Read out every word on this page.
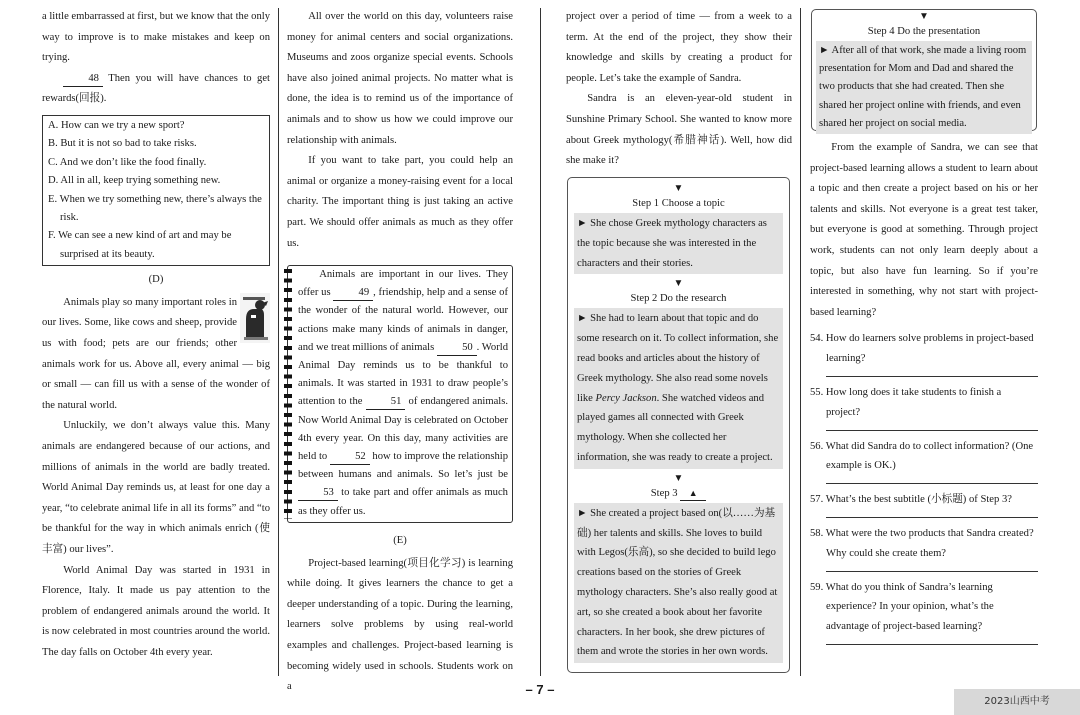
a little embarrassed at first, but we know that the only way to improve is to make mistakes and keep on trying.

48 Then you will have chances to get rewards(回报).

A. How can we try a new sport?
B. But it is not so bad to take risks.
C. And we don’t like the food finally.
D. All in all, keep trying something new.
E. When we try something new, there’s always the risk.
F. We can see a new kind of art and may be surprised at its beauty.
(D)

Animals play so many important roles in our lives. Some, like cows and sheep, provide us with food; pets are our friends; other animals work for us. Above all, every animal — big or small — can fill us with a sense of the wonder of the natural world.

Unluckily, we don’t always value this. Many animals are endangered because of our actions, and millions of animals in the world are badly treated. World Animal Day reminds us, at least for one day a year, “to celebrate animal life in all its forms” and “to be thankful for the way in which animals enrich (使丰富) our lives”.

World Animal Day was started in 1931 in Florence, Italy. It made us pay attention to the problem of endangered animals around the world. It is now celebrated in most countries around the world. The day falls on October 4th every year.

All over the world on this day, volunteers raise money for animal centers and social organizations. Museums and zoos organize special events. Schools have also joined animal projects. No matter what is done, the idea is to remind us of the importance of animals and to show us how we could improve our relationship with animals.

If you want to take part, you could help an animal or organize a money-raising event for a local charity. The important thing is just taking an active part. We should offer animals as much as they offer us.

Animals are important in our lives. They offer us	49 , friendship, help and a sense of the wonder of the natural world. However, our actions make many kinds of animals in danger, and we treat millions of animals	50 . World Animal Day reminds us to be thankful to animals. It was started in 1931 to draw people’s attention to the	51 of endangered animals. Now World Animal Day is celebrated on October 4th every year. On this day, many activities are held to	52 how to improve the relationship between humans and animals. So let’s just be 53 to take part and offer animals as much as they offer us.

(E)

Project-based learning(项目化学习) is learning while doing. It gives learners the chance to get a deeper understanding of a topic. During the learning, learners solve problems by using real-world examples and challenges. Project-based learning is becoming widely used in schools. Students work on a

project over a period of time — from a week to a term. At the end of the project, they show their knowledge and skills by creating a product for people. Let’s take the example of Sandra.

Sandra is an eleven-year-old student in Sunshine Primary School. She wanted to know more about Greek mythology(希腊神话). Well, how did she make it?

▼
Step 1 Choose a topic
► She chose Greek mythology characters as the topic because she was interested in the characters and their stories.
▼
Step 2 Do the research
► She had to learn about that topic and do some research on it. To collect information, she read books and articles about the history of Greek mythology. She also read some novels like Percy Jackson. She watched videos and played games all connected with Greek mythology. When she collected her information, she was ready to create a project.
▼
Step 3 ▲
► She created a project based on(以……为基础) her talents and skills. She loves to build with Legos(乐高), so she decided to build lego creations based on the stories of Greek mythology characters. She’s also really good at art, so she created a book about her favorite characters. In her book, she drew pictures of them and wrote the stories in her own words.
▼
Step 4 Do the presentation
► After all of that work, she made a living room presentation for Mom and Dad and shared the two products that she had created. Then she shared her project online with friends, and even shared her project on social media.

From the example of Sandra, we can see that project-based learning allows a student to learn about a topic and then create a project based on his or her talents and skills. Not everyone is a great test taker, but everyone is good at something. Through project work, students can not only learn deeply about a topic, but also have fun learning. So if you’re interested in something, why not start with project-based learning?

54. How do learners solve problems in project-based learning?
55. How long does it take students to finish a project?
56. What did Sandra do to collect information? (One example is OK.)
57. What’s the best subtitle (小标题) of Step 3?
58. What were the two products that Sandra created? Why could she create them?
59. What do you think of Sandra’s learning experience? In your opinion, what’s the advantage of project-based learning?
– 7 –
2023山西中考
